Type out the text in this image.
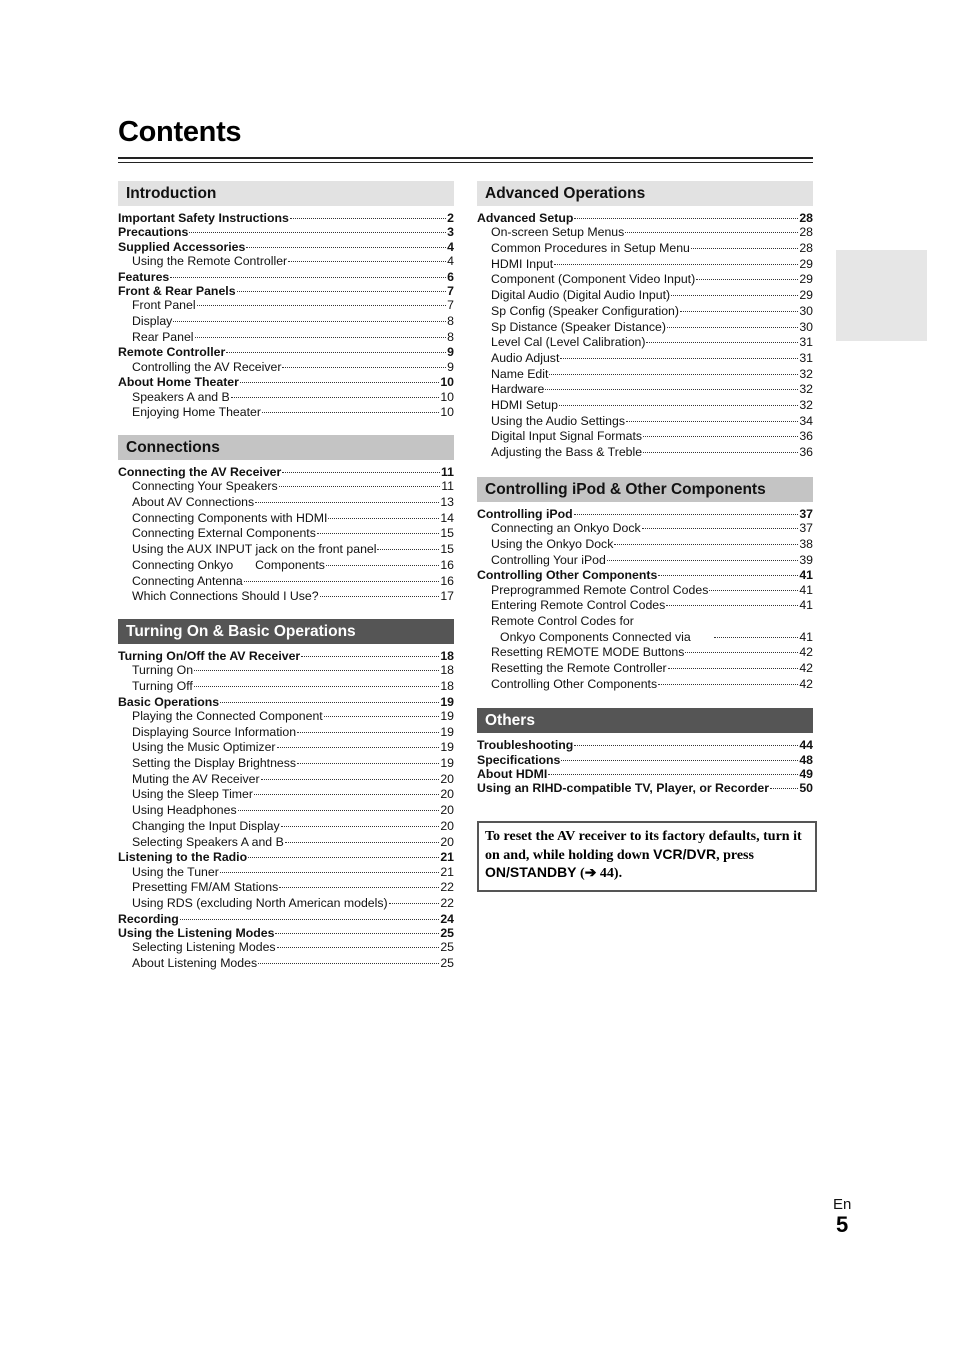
Contents
Introduction
Important Safety Instructions	2
Precautions	3
Supplied Accessories	4
Using the Remote Controller	4
Features	6
Front & Rear Panels	7
Front Panel	7
Display	8
Rear Panel	8
Remote Controller	9
Controlling the AV Receiver	9
About Home Theater	10
Speakers A and B	10
Enjoying Home Theater	10
Connections
Connecting the AV Receiver	11
Connecting Your Speakers	11
About AV Connections	13
Connecting Components with HDMI	14
Connecting External Components	15
Using the AUX INPUT jack on the front panel	15
Connecting Onkyo Components	16
Connecting Antenna	16
Which Connections Should I Use?	17
Turning On & Basic Operations
Turning On/Off the AV Receiver	18
Turning On	18
Turning Off	18
Basic Operations	19
Playing the Connected Component	19
Displaying Source Information	19
Using the Music Optimizer	19
Setting the Display Brightness	19
Muting the AV Receiver	20
Using the Sleep Timer	20
Using Headphones	20
Changing the Input Display	20
Selecting Speakers A and B	20
Listening to the Radio	21
Using the Tuner	21
Presetting FM/AM Stations	22
Using RDS (excluding North American models)	22
Recording	24
Using the Listening Modes	25
Selecting Listening Modes	25
About Listening Modes	25
Advanced Operations
Advanced Setup	28
On-screen Setup Menus	28
Common Procedures in Setup Menu	28
HDMI Input	29
Component (Component Video Input)	29
Digital Audio (Digital Audio Input)	29
Sp Config (Speaker Configuration)	30
Sp Distance (Speaker Distance)	30
Level Cal (Level Calibration)	31
Audio Adjust	31
Name Edit	32
Hardware	32
HDMI Setup	32
Using the Audio Settings	34
Digital Input Signal Formats	36
Adjusting the Bass & Treble	36
Controlling iPod & Other Components
Controlling iPod	37
Connecting an Onkyo Dock	37
Using the Onkyo Dock	38
Controlling Your iPod	39
Controlling Other Components	41
Preprogrammed Remote Control Codes	41
Entering Remote Control Codes	41
Remote Control Codes for
Onkyo Components Connected via	41
Resetting REMOTE MODE Buttons	42
Resetting the Remote Controller	42
Controlling Other Components	42
Others
Troubleshooting	44
Specifications	48
About HDMI	49
Using an RIHD-compatible TV, Player, or Recorder 50
To reset the AV receiver to its factory defaults, turn it on and, while holding down VCR/DVR, press ON/STANDBY (➔ 44).
En
5
